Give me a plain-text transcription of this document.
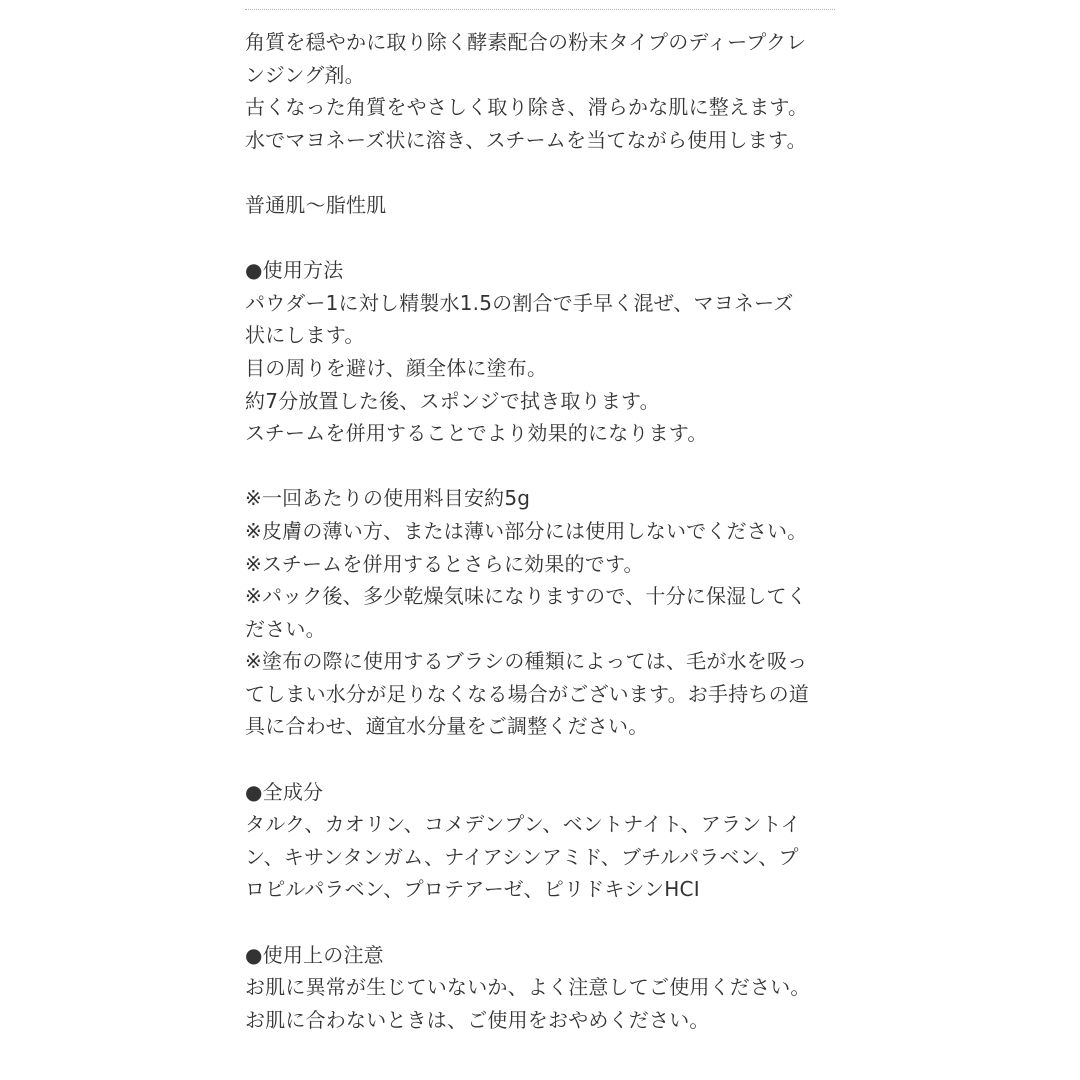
角質を穏やかに取り除く酵素配合の粉末タイプのディープクレ
ンジング剤。
古くなった角質をやさしく取り除き、滑らかな肌に整えます。
水でマヨネーズ状に溶き、スチームを当てながら使用します。
普通肌〜脂性肌
●使用方法
パウダー1に対し精製水1.5の割合で手早く混ぜ、マヨネーズ
状にします。
目の周りを避け、顔全体に塗布。
約7分放置した後、スポンジで拭き取ります。
スチームを併用することでより効果的になります。
※一回あたりの使用料目安約5g
※皮膚の薄い方、または薄い部分には使用しないでください。
※スチームを併用するとさらに効果的です。
※パック後、多少乾燥気味になりますので、十分に保湿してく
ださい。
※塗布の際に使用するブラシの種類によっては、毛が水を吸っ
てしまい水分が足りなくなる場合がございます。お手持ちの道
具に合わせ、適宜水分量をご調整ください。
●全成分
タルク、カオリン、コメデンプン、ベントナイト、アラントイ
ン、キサンタンガム、ナイアシンアミド、ブチルパラベン、プ
ロピルパラベン、プロテアーゼ、ピリドキシンHCI
●使用上の注意
お肌に異常が生じていないか、よく注意してご使用ください。
お肌に合わないときは、ご使用をおやめください。
